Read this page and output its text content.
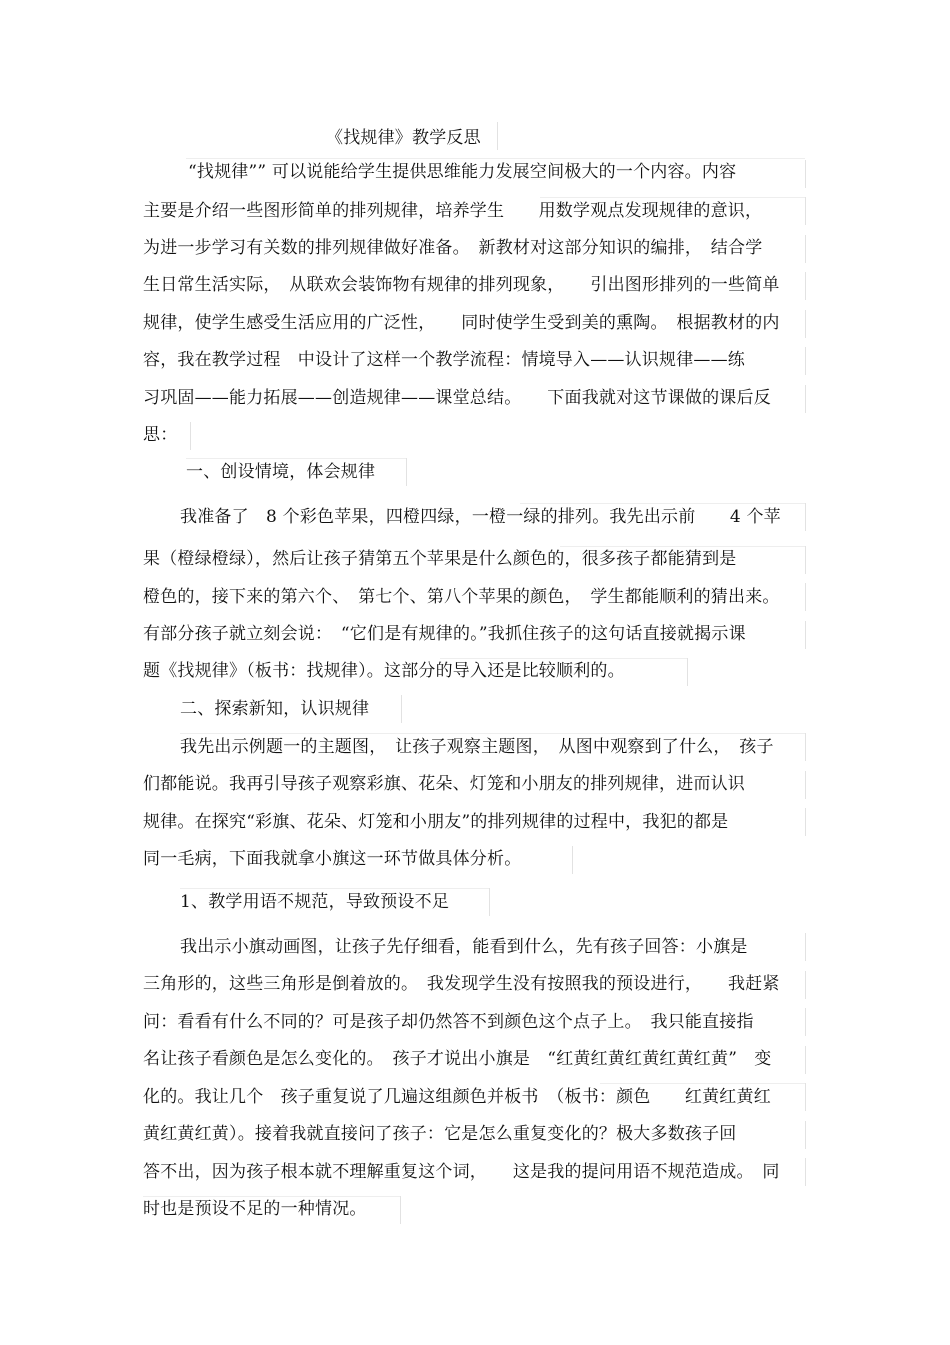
《找规律》教学反思
“找规律”” 可以说能给学生提供思维能力发展空间极大的一个内容。内容
主要是介绍一些图形简单的排列规律，培养学生　　用数学观点发现规律的意识，
为进一步学习有关数的排列规律做好准备。　新教材对这部分知识的编排，　结合学
生日常生活实际，　从联欢会装饰物有规律的排列现象，　　引出图形排列的一些简单
规律，使学生感受生活应用的广泛性，　　同时使学生受到美的熏陶。　根据教材的内
容，我在教学过程　中设计了这样一个教学流程：情境导入——认识规律——练
习巩固——能力拓展——创造规律——课堂总结。　　下面我就对这节课做的课后反
思：
一、创设情境，体会规律
我准备了　8 个彩色苹果，四橙四绿，一橙一绿的排列。我先出示前　　4 个苹
果（橙绿橙绿），然后让孩子猜第五个苹果是什么颜色的，很多孩子都能猜到是
橙色的，接下来的第六个、　第七个、第八个苹果的颜色，　学生都能顺利的猜出来。
有部分孩子就立刻会说：　“它们是有规律的。”我抓住孩子的这句话直接就揭示课
题《找规律》（板书：找规律）。这部分的导入还是比较顺利的。
二、探索新知，认识规律
我先出示例题一的主题图，　让孩子观察主题图，　从图中观察到了什么，　孩子
们都能说。我再引导孩子观察彩旗、花朵、灯笼和小朋友的排列规律，进而认识
规律。在探究“彩旗、花朵、灯笼和小朋友”的排列规律的过程中，我犯的都是
同一毛病，下面我就拿小旗这一环节做具体分析。
1、教学用语不规范，导致预设不足
我出示小旗动画图，让孩子先仔细看，能看到什么，先有孩子回答：小旗是
三角形的，这些三角形是倒着放的。　我发现学生没有按照我的预设进行，　　我赶紧
问：看看有什么不同的？可是孩子却仍然答不到颜色这个点子上。　我只能直接指
名让孩子看颜色是怎么变化的。　孩子才说出小旗是　“红黄红黄红黄红黄红黄”　变
化的。我让几个　孩子重复说了几遍这组颜色并板书　（板书：颜色　　红黄红黄红
黄红黄红黄）。接着我就直接问了孩子：它是怎么重复变化的？极大多数孩子回
答不出，因为孩子根本就不理解重复这个词，　　这是我的提问用语不规范造成。　同
时也是预设不足的一种情况。
